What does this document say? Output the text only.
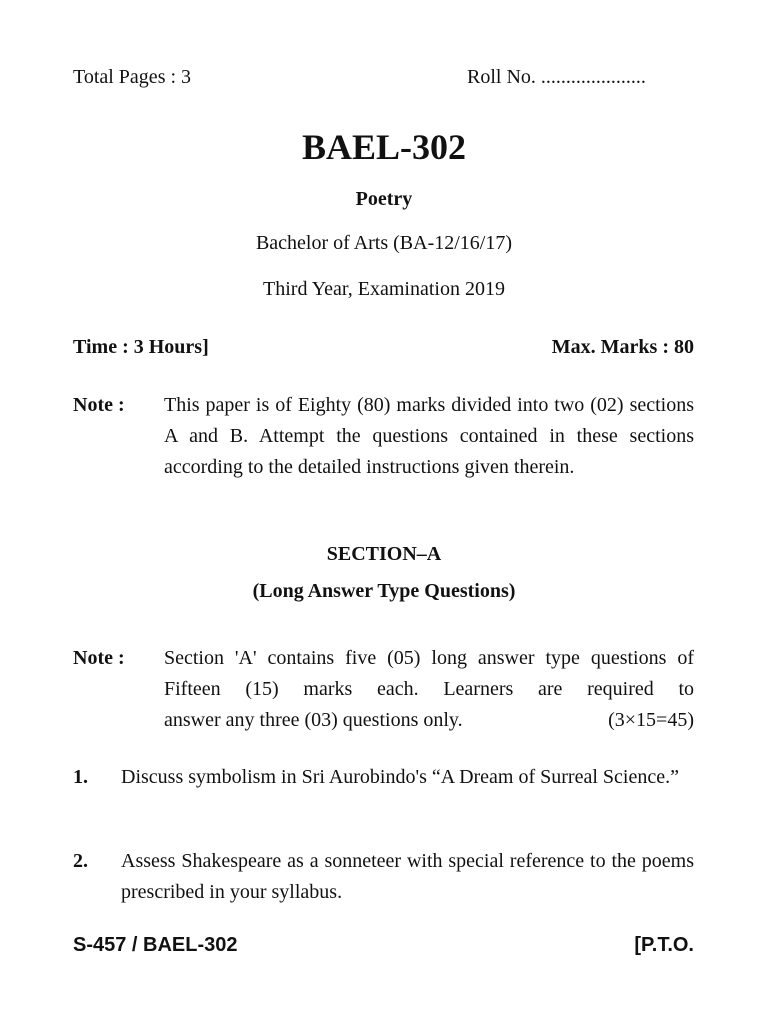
Total Pages : 3	Roll No. .....................
BAEL-302
Poetry
Bachelor of Arts (BA-12/16/17)
Third Year, Examination 2019
Time : 3 Hours]	Max. Marks : 80
Note :	This paper is of Eighty (80) marks divided into two (02) sections A and B. Attempt the questions contained in these sections according to the detailed instructions given therein.
SECTION–A
(Long Answer Type Questions)
Note :	Section 'A' contains five (05) long answer type questions of Fifteen (15) marks each. Learners are required to
answer any three (03) questions only.	(3×15=45)
1. Discuss symbolism in Sri Aurobindo's “A Dream of Surreal Science.”
2. Assess Shakespeare as a sonneteer with special reference to the poems prescribed in your syllabus.
S-457 / BAEL-302	[P.T.O.
